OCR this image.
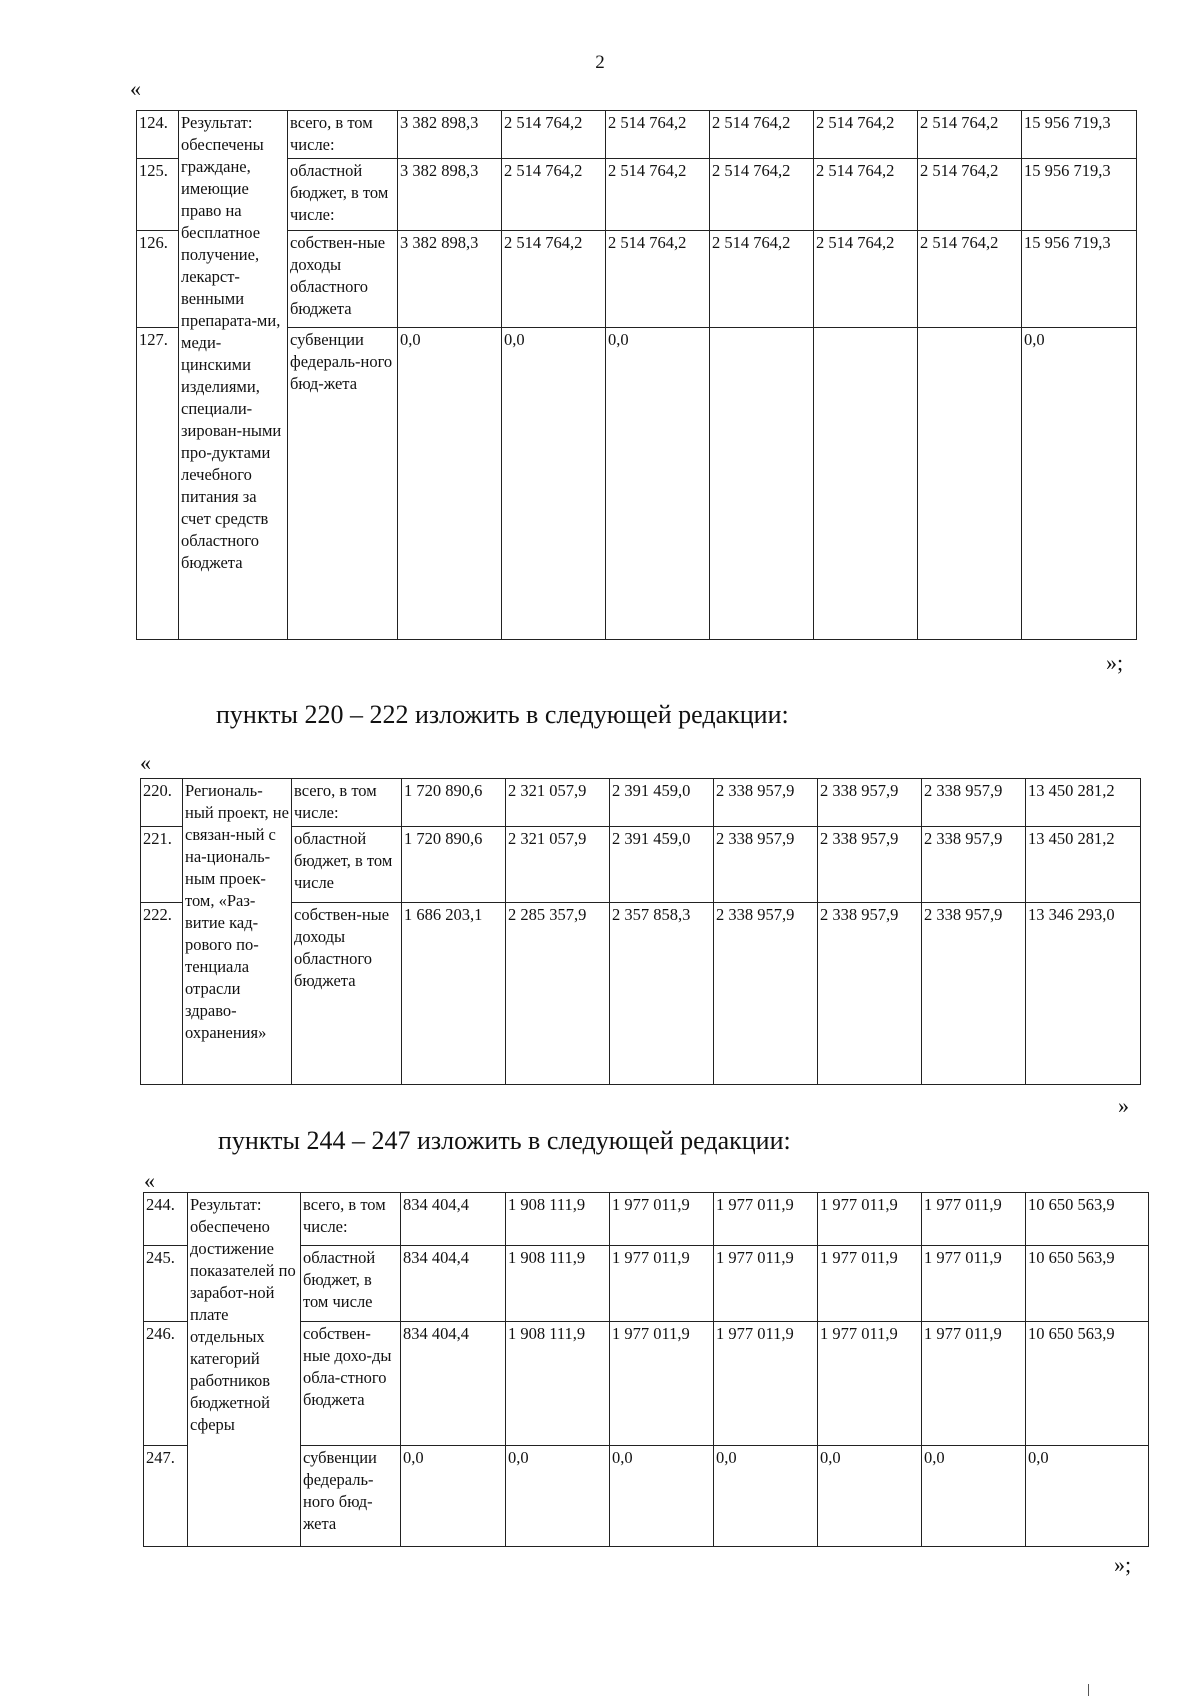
2
«
124.	Результат: обеспечены граждане, имеющие право на бесплатное получение, лекарст-венными препарата-ми, меди-цинскими изделиями, специали-зирован-ными про-дуктами лечебного питания за счет средств областного бюджета	всего, в том числе:	3 382 898,3	2 514 764,2	2 514 764,2	2 514 764,2	2 514 764,2	2 514 764,2	15 956 719,3
125.		областной бюджет, в том числе:	3 382 898,3	2 514 764,2	2 514 764,2	2 514 764,2	2 514 764,2	2 514 764,2	15 956 719,3
126.		собствен-ные доходы областного бюджета	3 382 898,3	2 514 764,2	2 514 764,2	2 514 764,2	2 514 764,2	2 514 764,2	15 956 719,3
127.		субвенции федераль-ного бюд-жета	0,0	0,0	0,0				0,0
»;
пункты 220 – 222 изложить в следующей редакции:
«
220.	Региональ-ный проект, не связан-ный с на-циональ-ным проек-том, «Раз-витие кад-рового по-тенциала отрасли здраво-охранения»	всего, в том числе:	1 720 890,6	2 321 057,9	2 391 459,0	2 338 957,9	2 338 957,9	2 338 957,9	13 450 281,2
221.		областной бюджет, в том числе	1 720 890,6	2 321 057,9	2 391 459,0	2 338 957,9	2 338 957,9	2 338 957,9	13 450 281,2
222.		собствен-ные доходы областного бюджета	1 686 203,1	2 285 357,9	2 357 858,3	2 338 957,9	2 338 957,9	2 338 957,9	13 346 293,0
»
пункты 244 – 247 изложить в следующей редакции:
«
244.	Результат: обеспечено достижение показателей по заработ-ной плате отдельных категорий работников бюджетной сферы	всего, в том числе:	834 404,4	1 908 111,9	1 977 011,9	1 977 011,9	1 977 011,9	1 977 011,9	10 650 563,9
245.		областной бюджет, в том числе	834 404,4	1 908 111,9	1 977 011,9	1 977 011,9	1 977 011,9	1 977 011,9	10 650 563,9
246.		собствен-ные дохо-ды обла-стного бюджета	834 404,4	1 908 111,9	1 977 011,9	1 977 011,9	1 977 011,9	1 977 011,9	10 650 563,9
247.		субвенции федераль-ного бюд-жета	0,0	0,0	0,0	0,0	0,0	0,0	0,0
»;
